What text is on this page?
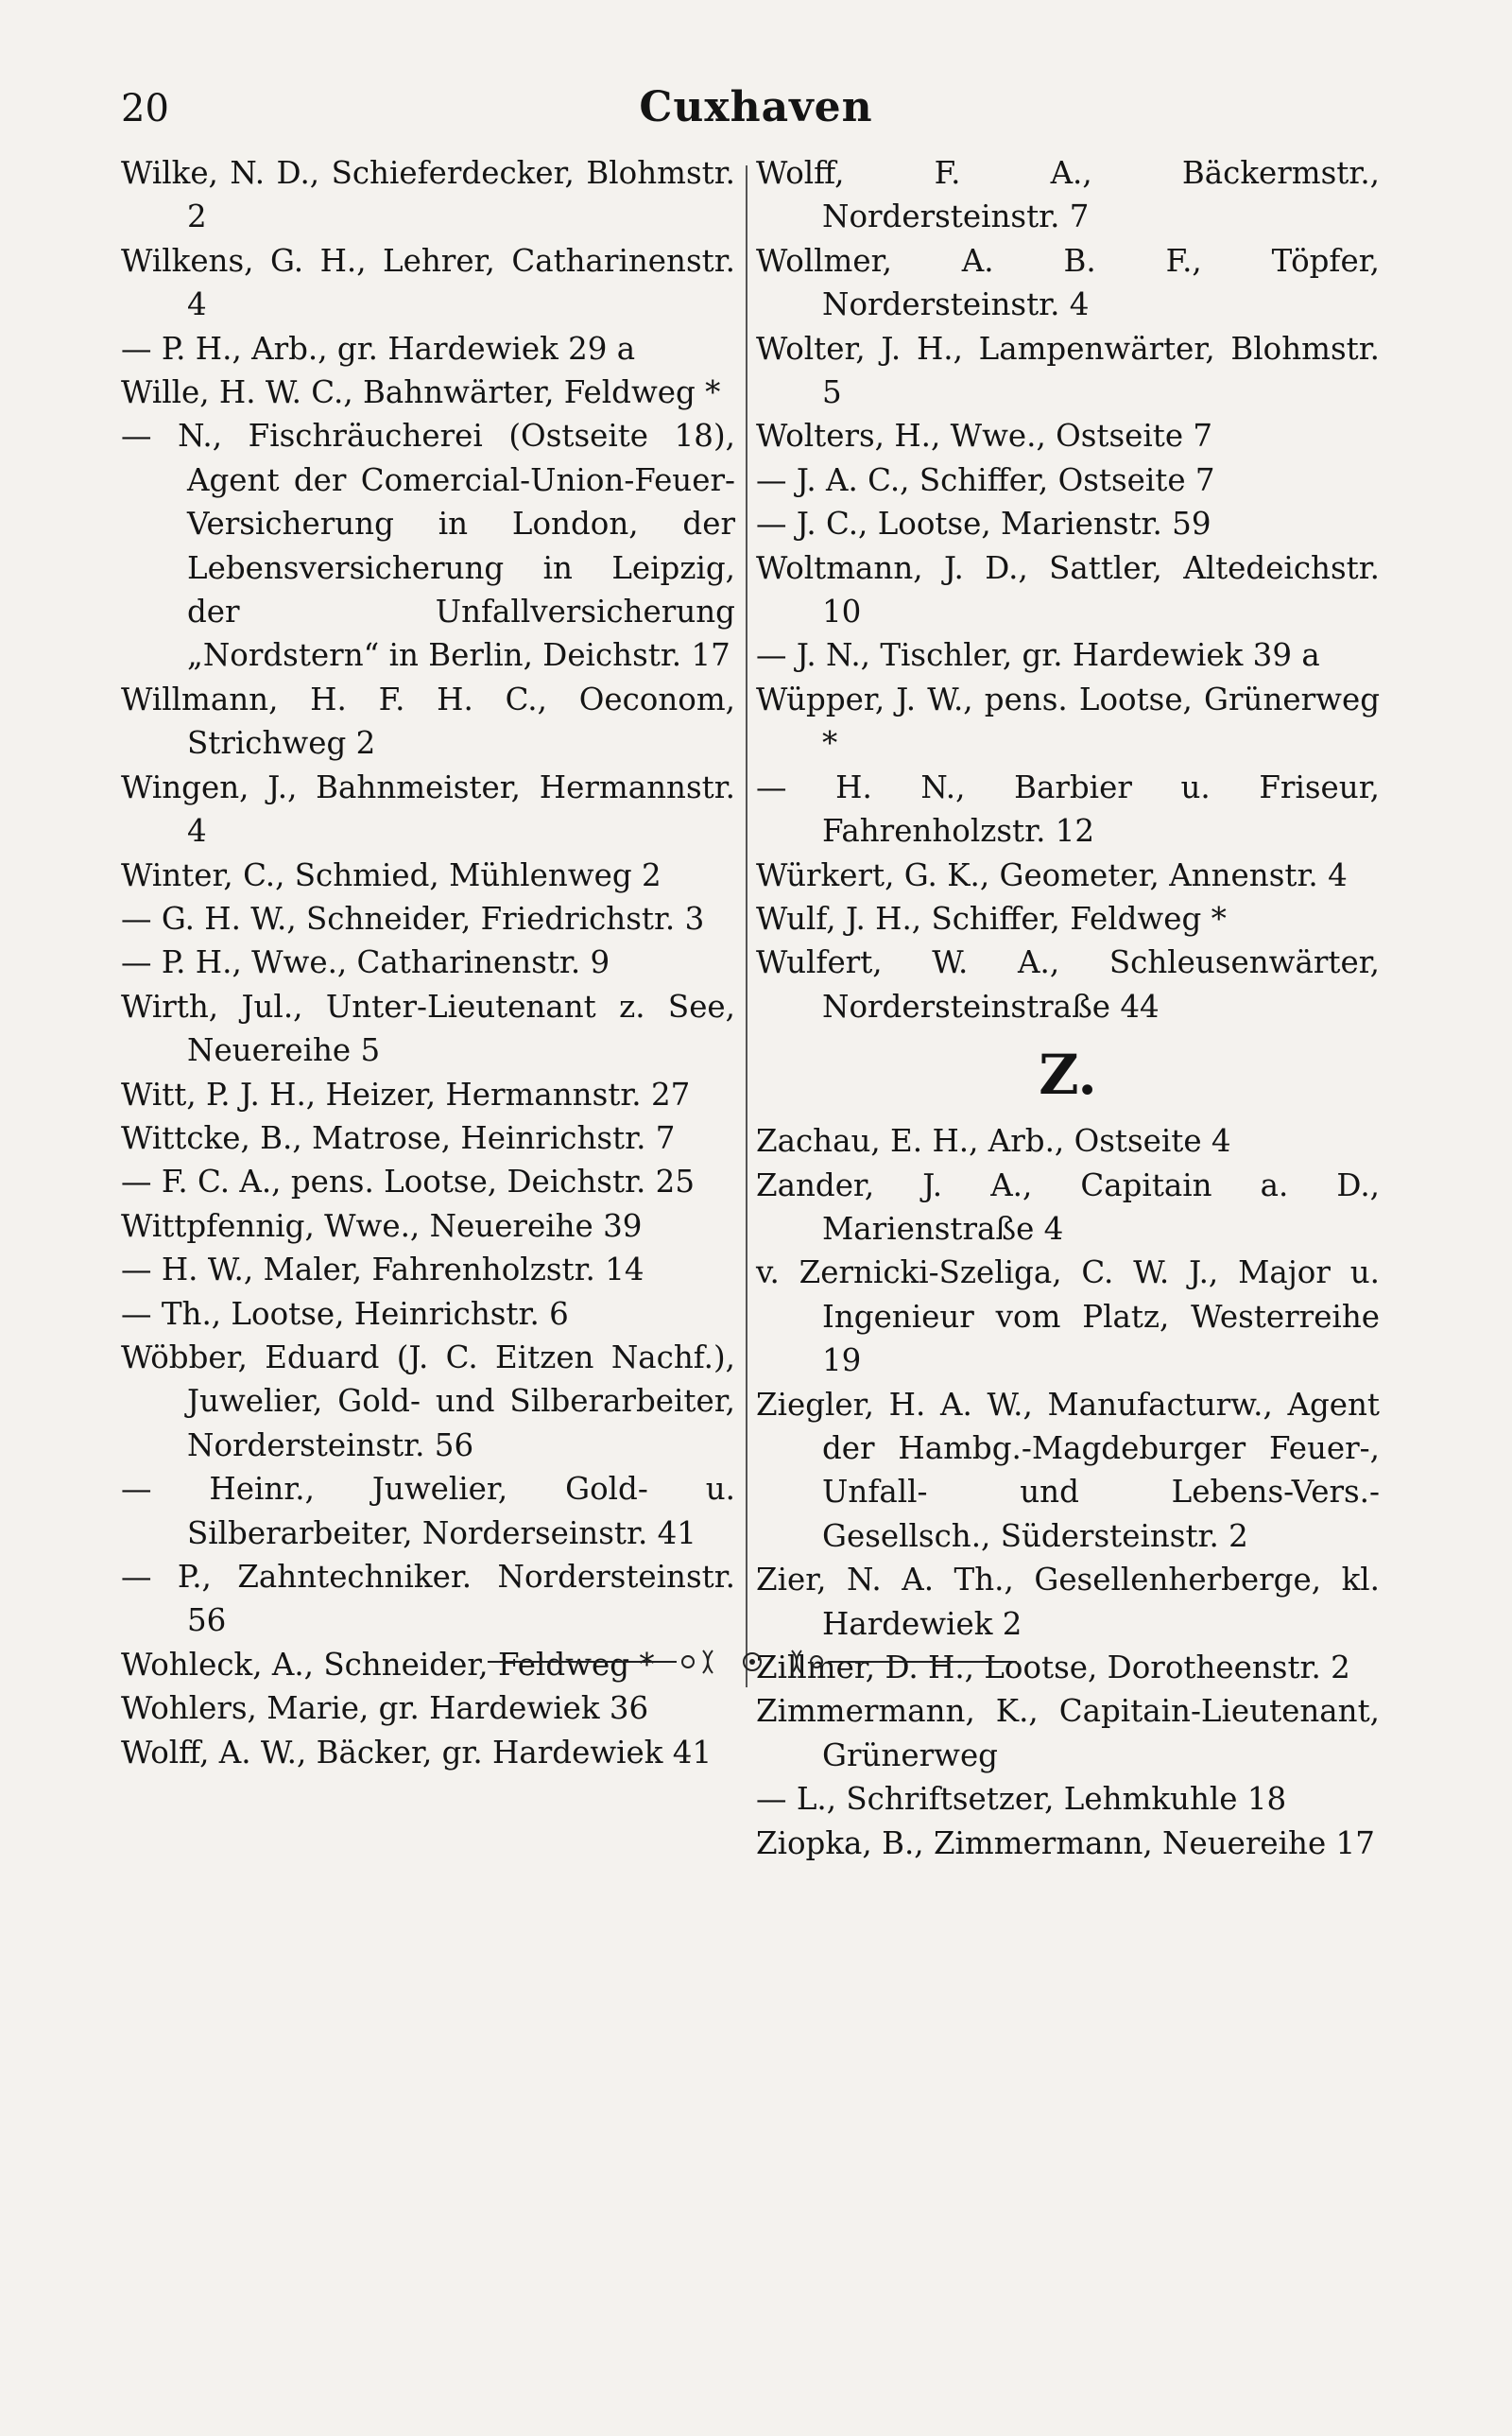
20	Cuxhaven

Wilke, N. D., Schieferdecker, Blohmstr. 2

Wilkens, G. H., Lehrer, Catharinenstr. 4

— P. H., Arb., gr. Hardewiek 29 a

Wille, H. W. C., Bahnwärter, Feldweg *

— N., Fischräucherei (Ostseite 18), Agent der Comercial-Union-Feuer-Versicherung in London, der Lebensversicherung in Leipzig, der Unfallversicherung „Nordstern“ in Berlin, Deichstr. 17

Willmann, H. F. H. C., Oeconom, Strichweg 2

Wingen, J., Bahnmeister, Hermannstr. 4

Winter, C., Schmied, Mühlenweg 2

— G. H. W., Schneider, Friedrichstr. 3

— P. H., Wwe., Catharinenstr. 9

Wirth, Jul., Unter-Lieutenant z. See, Neuereihe 5

Witt, P. J. H., Heizer, Hermannstr. 27

Wittcke, B., Matrose, Heinrichstr. 7

— F. C. A., pens. Lootse, Deichstr. 25

Wittpfennig, Wwe., Neuereihe 39

— H. W., Maler, Fahrenholzstr. 14

— Th., Lootse, Heinrichstr. 6

Wöbber, Eduard (J. C. Eitzen Nachf.), Juwelier, Gold- und Silberarbeiter, Nordersteinstr. 56

— Heinr., Juwelier, Gold- u. Silberarbeiter, Norderseinstr. 41

— P., Zahntechniker. Nordersteinstr. 56

Wohleck, A., Schneider, Feldweg *

Wohlers, Marie, gr. Hardewiek 36

Wolff, A. W., Bäcker, gr. Hardewiek 41

Wolff, F. A., Bäckermstr., Nordersteinstr. 7

Wollmer, A. B. F., Töpfer, Nordersteinstr. 4

Wolter, J. H., Lampenwärter, Blohmstr. 5

Wolters, H., Wwe., Ostseite 7

— J. A. C., Schiffer, Ostseite 7

— J. C., Lootse, Marienstr. 59

Woltmann, J. D., Sattler, Altedeichstr. 10

— J. N., Tischler, gr. Hardewiek 39 a

Wüpper, J. W., pens. Lootse, Grünerweg *

— H. N., Barbier u. Friseur, Fahrenholzstr. 12

Würkert, G. K., Geometer, Annenstr. 4

Wulf, J. H., Schiffer, Feldweg *

Wulfert, W. A., Schleusenwärter, Nordersteinstraße 44

Z.

Zachau, E. H., Arb., Ostseite 4

Zander, J. A., Capitain a. D., Marienstraße 4

v. Zernicki-Szeliga, C. W. J., Major u. Ingenieur vom Platz, Westerreihe 19

Ziegler, H. A. W., Manufacturw., Agent der Hambg.-Magdeburger Feuer-, Unfall- und Lebens-Vers.-Gesellsch., Südersteinstr. 2

Zier, N. A. Th., Gesellenherberge, kl. Hardewiek 2

Zillmer, D. H., Lootse, Dorotheenstr. 2

Zimmermann, K., Capitain-Lieutenant, Grünerweg

— L., Schriftsetzer, Lehmkuhle 18

Ziopka, B., Zimmermann, Neuereihe 17
